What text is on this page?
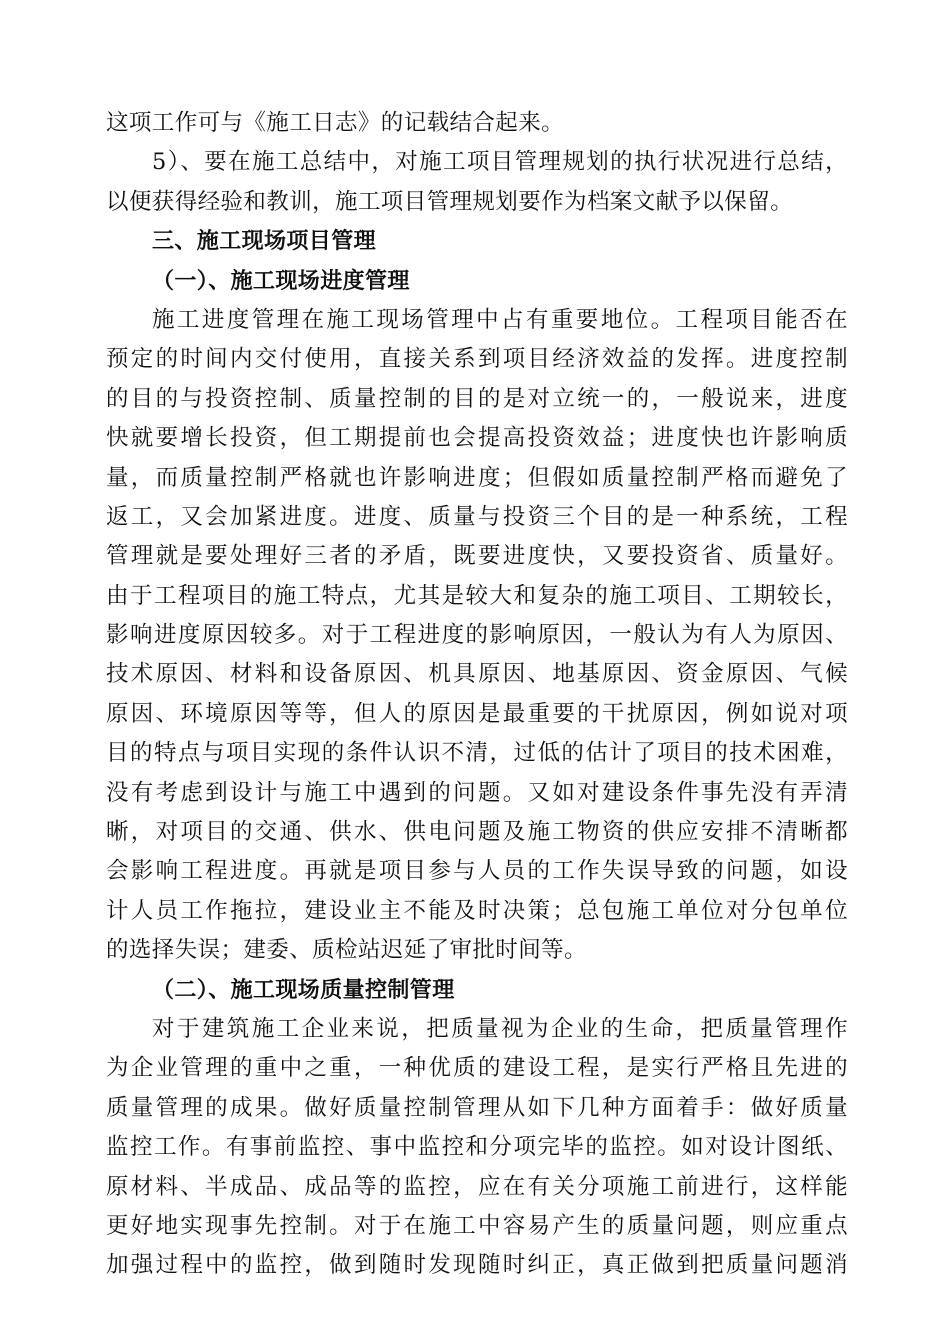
这项工作可与《施工日志》的记载结合起来。
5）、要在施工总结中，对施工项目管理规划的执行状况进行总结，
以便获得经验和教训，施工项目管理规划要作为档案文献予以保留。
三、施工现场项目管理
（一）、施工现场进度管理
施工进度管理在施工现场管理中占有重要地位。工程项目能否在
预定的时间内交付使用，直接关系到项目经济效益的发挥。进度控制
的目的与投资控制、质量控制的目的是对立统一的，一般说来，进度
快就要增长投资，但工期提前也会提高投资效益；进度快也许影响质
量，而质量控制严格就也许影响进度；但假如质量控制严格而避免了
返工，又会加紧进度。进度、质量与投资三个目的是一种系统，工程
管理就是要处理好三者的矛盾，既要进度快，又要投资省、质量好。
由于工程项目的施工特点，尤其是较大和复杂的施工项目、工期较长，
影响进度原因较多。对于工程进度的影响原因，一般认为有人为原因、
技术原因、材料和设备原因、机具原因、地基原因、资金原因、气候
原因、环境原因等等，但人的原因是最重要的干扰原因，例如说对项
目的特点与项目实现的条件认识不清，过低的估计了项目的技术困难，
没有考虑到设计与施工中遇到的问题。又如对建设条件事先没有弄清
晰，对项目的交通、供水、供电问题及施工物资的供应安排不清晰都
会影响工程进度。再就是项目参与人员的工作失误导致的问题，如设
计人员工作拖拉，建设业主不能及时决策；总包施工单位对分包单位
的选择失误；建委、质检站迟延了审批时间等。
（二）、施工现场质量控制管理
对于建筑施工企业来说，把质量视为企业的生命，把质量管理作
为企业管理的重中之重，一种优质的建设工程，是实行严格且先进的
质量管理的成果。做好质量控制管理从如下几种方面着手：做好质量
监控工作。有事前监控、事中监控和分项完毕的监控。如对设计图纸、
原材料、半成品、成品等的监控，应在有关分项施工前进行，这样能
更好地实现事先控制。对于在施工中容易产生的质量问题，则应重点
加强过程中的监控，做到随时发现随时纠正，真正做到把质量问题消
